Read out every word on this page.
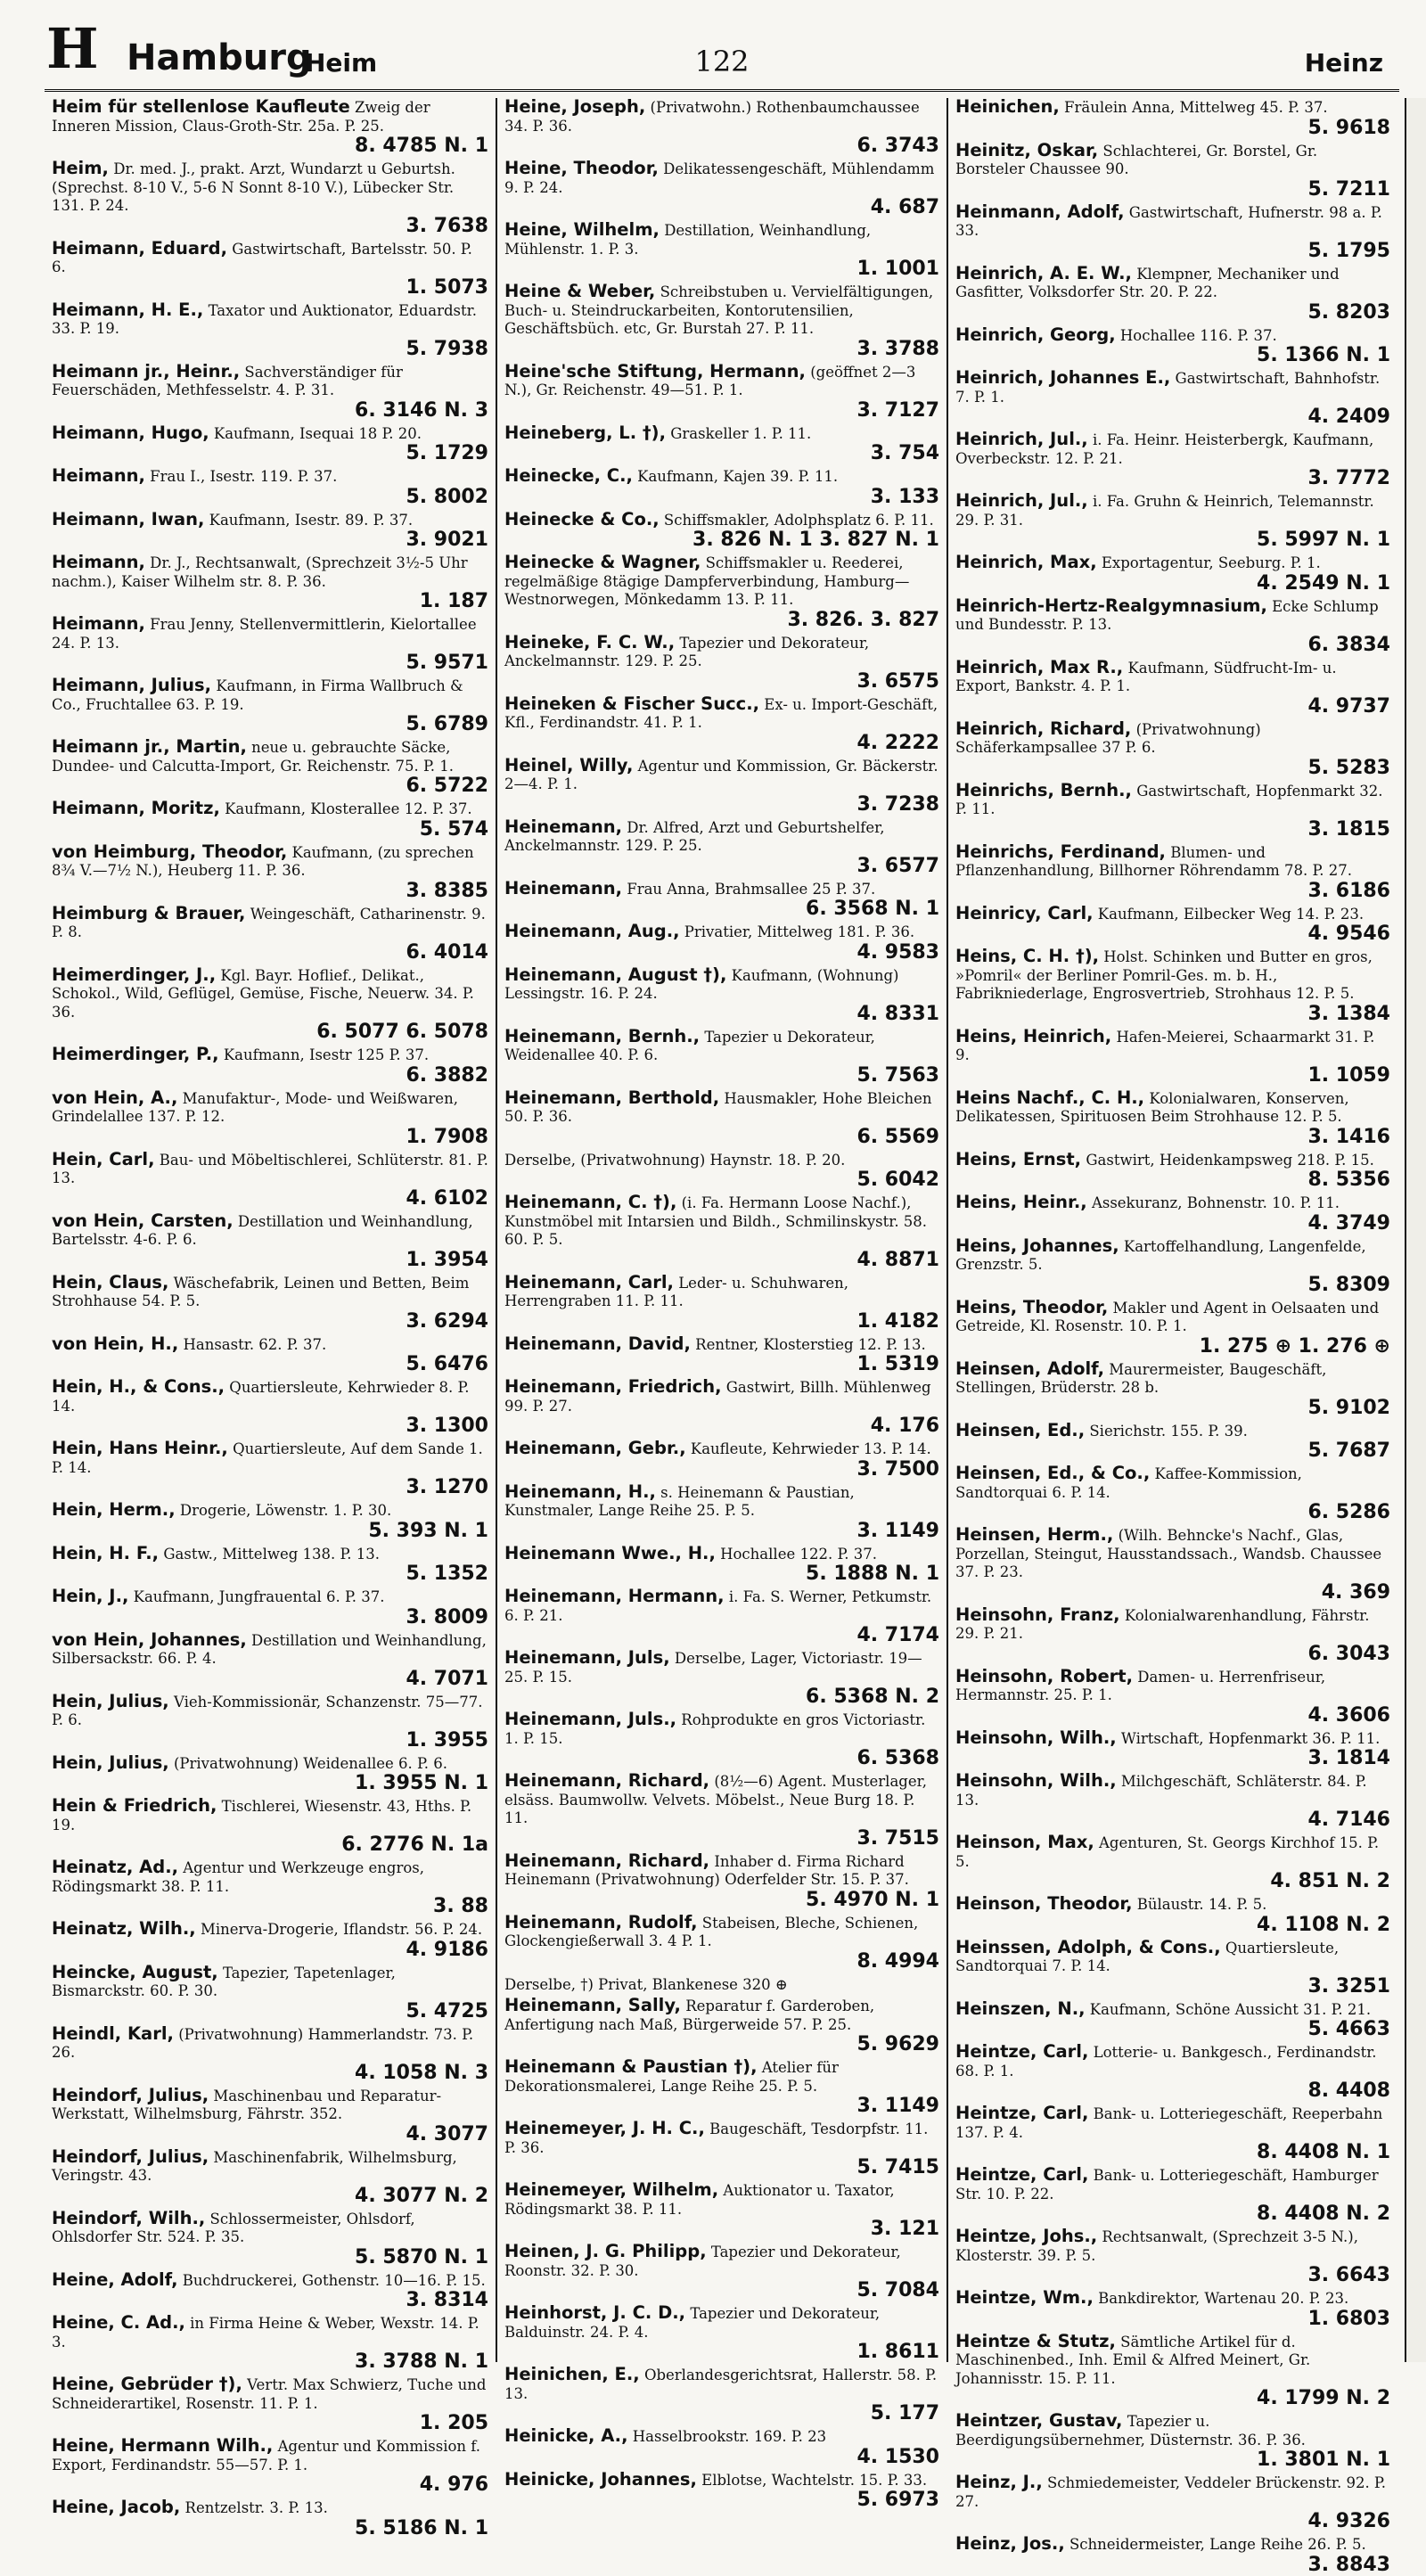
H Hamburg
Heim	122	Heinz
Heim für stellenlose Kaufleute Zweig der Inneren Mission, Claus-Groth-Str. 25a. P. 25.
8. 4785 N. 1
Heim, Dr. med. J., prakt. Arzt, Wundarzt u Geburtsh. (Sprechst. 8-10 V., 5-6 N Sonnt 8-10 V.), Lübecker Str. 131. P. 24.
3. 7638
Heimann, Eduard, Gastwirtschaft, Bartelsstr. 50. P. 6.
1. 5073
Heimann, H. E., Taxator und Auktionator, Eduardstr. 33. P. 19.
5. 7938
Heimann jr., Heinr., Sachverständiger für Feuerschäden, Methfesselstr. 4. P. 31.
6. 3146 N. 3
Heimann, Hugo, Kaufmann, Isequai 18 P. 20.
5. 1729
Heimann, Frau I., Isestr. 119. P. 37.
5. 8002
Heimann, Iwan, Kaufmann, Isestr. 89. P. 37.
3. 9021
Heimann, Dr. J., Rechtsanwalt, (Sprechzeit 3½-5 Uhr nachm.), Kaiser Wilhelm str. 8. P. 36.
1. 187
Heimann, Frau Jenny, Stellenvermittlerin, Kielortallee 24. P. 13.
5. 9571
Heimann, Julius, Kaufmann, in Firma Wallbruch & Co., Fruchtallee 63. P. 19.
5. 6789
Heimann jr., Martin, neue u. gebrauchte Säcke, Dundee- und Calcutta-Import, Gr. Reichenstr. 75. P. 1.
6. 5722
Heimann, Moritz, Kaufmann, Klosterallee 12. P. 37.
5. 574
von Heimburg, Theodor, Kaufmann, (zu sprechen 8¾ V.—7½ N.), Heuberg 11. P. 36.
3. 8385
Heimburg & Brauer, Weingeschäft, Catharinenstr. 9. P. 8.
6. 4014
Heimerdinger, J., Kgl. Bayr. Hoflief., Delikat., Schokol., Wild, Geflügel, Gemüse, Fische, Neuerw. 34. P. 36.
6. 5077 6. 5078
Heimerdinger, P., Kaufmann, Isestr 125 P. 37.
6. 3882
von Hein, A., Manufaktur-, Mode- und Weißwaren, Grindelallee 137. P. 12.
1. 7908
Hein, Carl, Bau- und Möbeltischlerei, Schlüterstr. 81. P. 13.
4. 6102
von Hein, Carsten, Destillation und Weinhandlung, Bartelsstr. 4-6. P. 6.
1. 3954
Hein, Claus, Wäschefabrik, Leinen und Betten, Beim Strohhause 54. P. 5.
3. 6294
von Hein, H., Hansastr. 62. P. 37.
5. 6476
Hein, H., & Cons., Quartiersleute, Kehrwieder 8. P. 14.
3. 1300
Hein, Hans Heinr., Quartiersleute, Auf dem Sande 1. P. 14.
3. 1270
Hein, Herm., Drogerie, Löwenstr. 1. P. 30.
5. 393 N. 1
Hein, H. F., Gastw., Mittelweg 138. P. 13.
5. 1352
Hein, J., Kaufmann, Jungfrauental 6. P. 37.
3. 8009
von Hein, Johannes, Destillation und Weinhandlung, Silbersackstr. 66. P. 4.
4. 7071
Hein, Julius, Vieh-Kommissionär, Schanzenstr. 75—77. P. 6.
1. 3955
Hein, Julius, (Privatwohnung) Weidenallee 6. P. 6.
1. 3955 N. 1
Hein & Friedrich, Tischlerei, Wiesenstr. 43, Hths. P. 19.
6. 2776 N. 1a
Heinatz, Ad., Agentur und Werkzeuge engros, Rödingsmarkt 38. P. 11.
3. 88
Heinatz, Wilh., Minerva-Drogerie, Iflandstr. 56. P. 24.
4. 9186
Heincke, August, Tapezier, Tapetenlager, Bismarckstr. 60. P. 30.
5. 4725
Heindl, Karl, (Privatwohnung) Hammerlandstr. 73. P. 26.
4. 1058 N. 3
Heindorf, Julius, Maschinenbau und Reparatur-Werkstatt, Wilhelmsburg, Fährstr. 352.
4. 3077
Heindorf, Julius, Maschinenfabrik, Wilhelmsburg, Veringstr. 43.
4. 3077 N. 2
Heindorf, Wilh., Schlossermeister, Ohlsdorf, Ohlsdorfer Str. 524. P. 35.
5. 5870 N. 1
Heine, Adolf, Buchdruckerei, Gothenstr. 10—16. P. 15.
3. 8314
Heine, C. Ad., in Firma Heine & Weber, Wexstr. 14. P. 3.
3. 3788 N. 1
Heine, Gebrüder †), Vertr. Max Schwierz, Tuche und Schneiderartikel, Rosenstr. 11. P. 1.
1. 205
Heine, Hermann Wilh., Agentur und Kommission f. Export, Ferdinandstr. 55—57. P. 1.
4. 976
Heine, Jacob, Rentzelstr. 3. P. 13.
5. 5186 N. 1
Heine, Joseph, (Privatwohn.) Rothenbaumchaussee 34. P. 36.
6. 3743
Heine, Theodor, Delikatessengeschäft, Mühlendamm 9. P. 24.
4. 687
Heine, Wilhelm, Destillation, Weinhandlung, Mühlenstr. 1. P. 3.
1. 1001
Heine & Weber, Schreibstuben u. Vervielfältigungen, Buch- u. Steindruckarbeiten, Kontorutensilien, Geschäftsbüch. etc, Gr. Burstah 27. P. 11.
3. 3788
Heine'sche Stiftung, Hermann, (geöffnet 2—3 N.), Gr. Reichenstr. 49—51. P. 1.
3. 7127
Heineberg, L. †), Graskeller 1. P. 11.
3. 754
Heinecke, C., Kaufmann, Kajen 39. P. 11.
3. 133
Heinecke & Co., Schiffsmakler, Adolphsplatz 6. P. 11.
3. 826 N. 1 3. 827 N. 1
Heinecke & Wagner, Schiffsmakler u. Reederei, regelmäßige 8tägige Dampferverbindung, Hamburg—Westnorwegen, Mönkedamm 13. P. 11.
3. 826. 3. 827
Heineke, F. C. W., Tapezier und Dekorateur, Anckelmannstr. 129. P. 25.
3. 6575
Heineken & Fischer Succ., Ex- u. Import-Geschäft, Kfl., Ferdinandstr. 41. P. 1.
4. 2222
Heinel, Willy, Agentur und Kommission, Gr. Bäckerstr. 2—4. P. 1.
3. 7238
Heinemann, Dr. Alfred, Arzt und Geburtshelfer, Anckelmannstr. 129. P. 25.
3. 6577
Heinemann, Frau Anna, Brahmsallee 25 P. 37.
6. 3568 N. 1
Heinemann, Aug., Privatier, Mittelweg 181. P. 36.
4. 9583
Heinemann, August †), Kaufmann, (Wohnung) Lessingstr. 16. P. 24.
4. 8331
Heinemann, Bernh., Tapezier u Dekorateur, Weidenallee 40. P. 6.
5. 7563
Heinemann, Berthold, Hausmakler, Hohe Bleichen 50. P. 36.
6. 5569
Derselbe, (Privatwohnung) Haynstr. 18. P. 20.
5. 6042
Heinemann, C. †), (i. Fa. Hermann Loose Nachf.), Kunstmöbel mit Intarsien und Bildh., Schmilinskystr. 58. 60. P. 5.
4. 8871
Heinemann, Carl, Leder- u. Schuhwaren, Herrengraben 11. P. 11.
1. 4182
Heinemann, David, Rentner, Klosterstieg 12. P. 13.
1. 5319
Heinemann, Friedrich, Gastwirt, Billh. Mühlenweg 99. P. 27.
4. 176
Heinemann, Gebr., Kaufleute, Kehrwieder 13. P. 14.
3. 7500
Heinemann, H., s. Heinemann & Paustian, Kunstmaler, Lange Reihe 25. P. 5.
3. 1149
Heinemann Wwe., H., Hochallee 122. P. 37.
5. 1888 N. 1
Heinemann, Hermann, i. Fa. S. Werner, Petkumstr. 6. P. 21.
4. 7174
Heinemann, Juls, Derselbe, Lager, Victoriastr. 19—25. P. 15.
6. 5368 N. 2
Heinemann, Juls., Rohprodukte en gros Victoriastr. 1. P. 15.
6. 5368
Heinemann, Richard, (8½—6) Agent. Musterlager, elsäss. Baumwollw. Velvets. Möbelst., Neue Burg 18. P. 11.
3. 7515
Heinemann, Richard, Inhaber d. Firma Richard Heinemann (Privatwohnung) Oderfelder Str. 15. P. 37.
5. 4970 N. 1
Heinemann, Rudolf, Stabeisen, Bleche, Schienen, Glockengießerwall 3. 4 P. 1.
8. 4994
Derselbe, †) Privat, Blankenese 320 ⊕
Heinemann, Sally, Reparatur f. Garderoben, Anfertigung nach Maß, Bürgerweide 57. P. 25.
5. 9629
Heinemann & Paustian †), Atelier für Dekorationsmalerei, Lange Reihe 25. P. 5.
3. 1149
Heinemeyer, J. H. C., Baugeschäft, Tesdorpfstr. 11. P. 36.
5. 7415
Heinemeyer, Wilhelm, Auktionator u. Taxator, Rödingsmarkt 38. P. 11.
3. 121
Heinen, J. G. Philipp, Tapezier und Dekorateur, Roonstr. 32. P. 30.
5. 7084
Heinhorst, J. C. D., Tapezier und Dekorateur, Balduinstr. 24. P. 4.
1. 8611
Heinichen, E., Oberlandesgerichtsrat, Hallerstr. 58. P. 13.
5. 177
Heinicke, A., Hasselbrookstr. 169. P. 23
4. 1530
Heinicke, Johannes, Elblotse, Wachtelstr. 15. P. 33.
5. 6973
Heinichen, Fräulein Anna, Mittelweg 45. P. 37.
5. 9618
Heinitz, Oskar, Schlachterei, Gr. Borstel, Gr. Borsteler Chaussee 90.
5. 7211
Heinmann, Adolf, Gastwirtschaft, Hufnerstr. 98 a. P. 33.
5. 1795
Heinrich, A. E. W., Klempner, Mechaniker und Gasfitter, Volksdorfer Str. 20. P. 22.
5. 8203
Heinrich, Georg, Hochallee 116. P. 37.
5. 1366 N. 1
Heinrich, Johannes E., Gastwirtschaft, Bahnhofstr. 7. P. 1.
4. 2409
Heinrich, Jul., i. Fa. Heinr. Heisterbergk, Kaufmann, Overbeckstr. 12. P. 21.
3. 7772
Heinrich, Jul., i. Fa. Gruhn & Heinrich, Telemannstr. 29. P. 31.
5. 5997 N. 1
Heinrich, Max, Exportagentur, Seeburg. P. 1.
4. 2549 N. 1
Heinrich-Hertz-Realgymnasium, Ecke Schlump und Bundesstr. P. 13.
6. 3834
Heinrich, Max R., Kaufmann, Südfrucht-Im- u. Export, Bankstr. 4. P. 1.
4. 9737
Heinrich, Richard, (Privatwohnung) Schäferkampsallee 37 P. 6.
5. 5283
Heinrichs, Bernh., Gastwirtschaft, Hopfenmarkt 32. P. 11.
3. 1815
Heinrichs, Ferdinand, Blumen- und Pflanzenhandlung, Billhorner Röhrendamm 78. P. 27.
3. 6186
Heinricy, Carl, Kaufmann, Eilbecker Weg 14. P. 23.
4. 9546
Heins, C. H. †), Holst. Schinken und Butter en gros, »Pomril« der Berliner Pomril-Ges. m. b. H., Fabrikniederlage, Engrosvertrieb, Strohhaus 12. P. 5.
3. 1384
Heins, Heinrich, Hafen-Meierei, Schaarmarkt 31. P. 9.
1. 1059
Heins Nachf., C. H., Kolonialwaren, Konserven, Delikatessen, Spirituosen Beim Strohhause 12. P. 5.
3. 1416
Heins, Ernst, Gastwirt, Heidenkampsweg 218. P. 15.
8. 5356
Heins, Heinr., Assekuranz, Bohnenstr. 10. P. 11.
4. 3749
Heins, Johannes, Kartoffelhandlung, Langenfelde, Grenzstr. 5.
5. 8309
Heins, Theodor, Makler und Agent in Oelsaaten und Getreide, Kl. Rosenstr. 10. P. 1.
1. 275 ⊕ 1. 276 ⊕
Heinsen, Adolf, Maurermeister, Baugeschäft, Stellingen, Brüderstr. 28 b.
5. 9102
Heinsen, Ed., Sierichstr. 155. P. 39.
5. 7687
Heinsen, Ed., & Co., Kaffee-Kommission, Sandtorquai 6. P. 14.
6. 5286
Heinsen, Herm., (Wilh. Behncke's Nachf., Glas, Porzellan, Steingut, Hausstandssach., Wandsb. Chaussee 37. P. 23.
4. 369
Heinsohn, Franz, Kolonialwarenhandlung, Fährstr. 29. P. 21.
6. 3043
Heinsohn, Robert, Damen- u. Herrenfriseur, Hermannstr. 25. P. 1.
4. 3606
Heinsohn, Wilh., Wirtschaft, Hopfenmarkt 36. P. 11.
3. 1814
Heinsohn, Wilh., Milchgeschäft, Schläterstr. 84. P. 13.
4. 7146
Heinson, Max, Agenturen, St. Georgs Kirchhof 15. P. 5.
4. 851 N. 2
Heinson, Theodor, Bülaustr. 14. P. 5.
4. 1108 N. 2
Heinssen, Adolph, & Cons., Quartiersleute, Sandtorquai 7. P. 14.
3. 3251
Heinszen, N., Kaufmann, Schöne Aussicht 31. P. 21.
5. 4663
Heintze, Carl, Lotterie- u. Bankgesch., Ferdinandstr. 68. P. 1.
8. 4408
Heintze, Carl, Bank- u. Lotteriegeschäft, Reeperbahn 137. P. 4.
8. 4408 N. 1
Heintze, Carl, Bank- u. Lotteriegeschäft, Hamburger Str. 10. P. 22.
8. 4408 N. 2
Heintze, Johs., Rechtsanwalt, (Sprechzeit 3-5 N.), Klosterstr. 39. P. 5.
3. 6643
Heintze, Wm., Bankdirektor, Wartenau 20. P. 23.
1. 6803
Heintze & Stutz, Sämtliche Artikel für d. Maschinenbed., Inh. Emil & Alfred Meinert, Gr. Johannisstr. 15. P. 11.
4. 1799 N. 2
Heintzer, Gustav, Tapezier u. Beerdigungsübernehmer, Düsternstr. 36. P. 36.
1. 3801 N. 1
Heinz, J., Schmiedemeister, Veddeler Brückenstr. 92. P. 27.
4. 9326
Heinz, Jos., Schneidermeister, Lange Reihe 26. P. 5.
3. 8843
